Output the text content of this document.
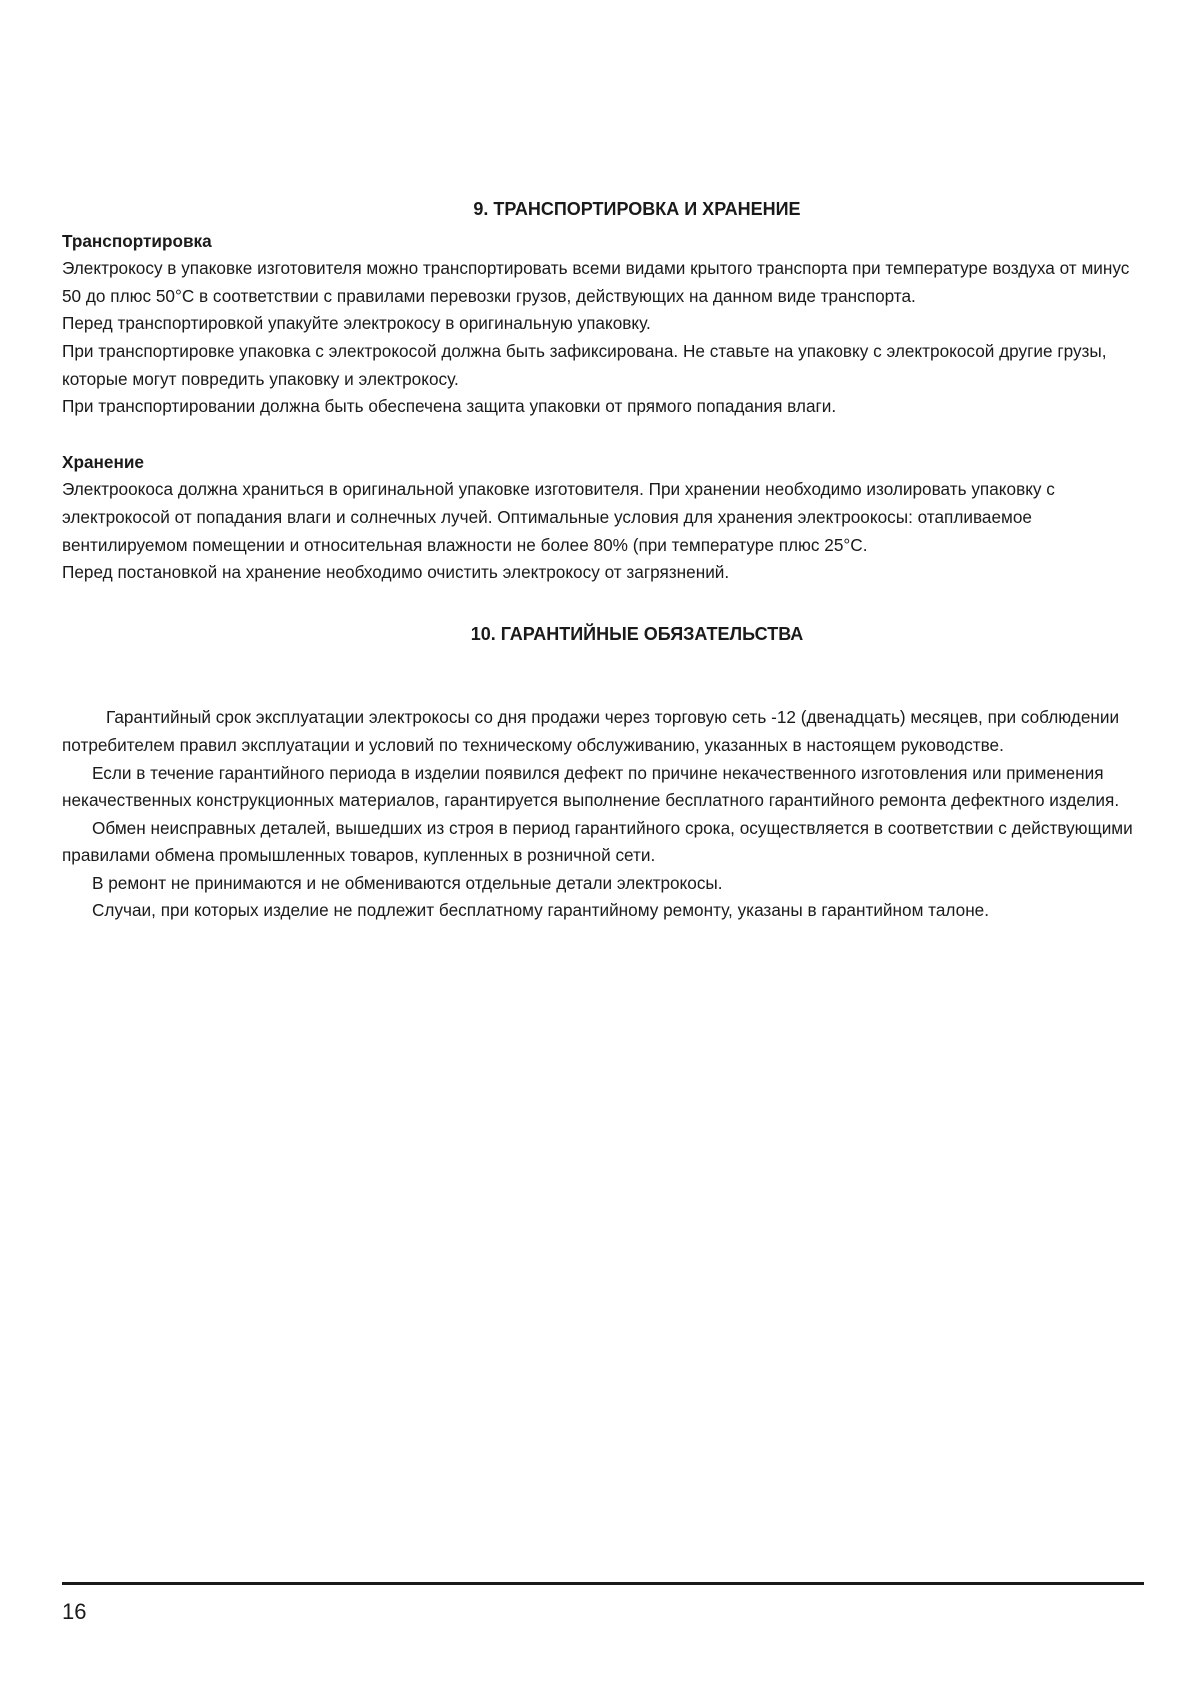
9. ТРАНСПОРТИРОВКА И ХРАНЕНИЕ

Транспортировка

Электрокосу в упаковке изготовителя можно транспортировать всеми видами крытого транспорта при температуре воздуха от минус 50 до плюс 50°C в соответствии с правилами перевозки грузов, действующих на данном виде транспорта.

Перед транспортировкой упакуйте электрокосу в оригинальную упаковку.

При транспортировке упаковка с электрокосой должна быть зафиксирована. Не ставьте на упаковку с электрокосой другие грузы, которые могут повредить упаковку и электрокосу.

При транспортировании должна быть обеспечена защита упаковки от прямого попадания влаги.

Хранение

Электроокоса должна храниться в оригинальной упаковке изготовителя. При хранении необходимо изолировать упаковку с электрокосой от попадания влаги и солнечных лучей. Оптимальные условия для хранения электроокосы: отапливаемое вентилируемом помещении и относительная влажности не более 80% (при температуре плюс 25°C.

Перед постановкой на хранение необходимо очистить электрокосу от загрязнений.

10. ГАРАНТИЙНЫЕ ОБЯЗАТЕЛЬСТВА

Гарантийный срок эксплуатации электрокосы со дня продажи через торговую сеть -12 (двенадцать) месяцев, при соблюдении потребителем правил эксплуатации и условий по техническому обслуживанию, указанных в настоящем руководстве.

Если в течение гарантийного периода в изделии появился дефект по причине некачественного изготовления или применения некачественных конструкционных материалов, гарантируется выполнение бесплатного гарантийного ремонта дефектного изделия.

Обмен неисправных деталей, вышедших из строя в период гарантийного срока, осуществляется в соответствии с действующими правилами обмена промышленных товаров, купленных в розничной сети.

В ремонт не принимаются и не обмениваются отдельные детали электрокосы.

Случаи, при которых изделие не подлежит бесплатному гарантийному ремонту, указаны в гарантийном талоне.

16
